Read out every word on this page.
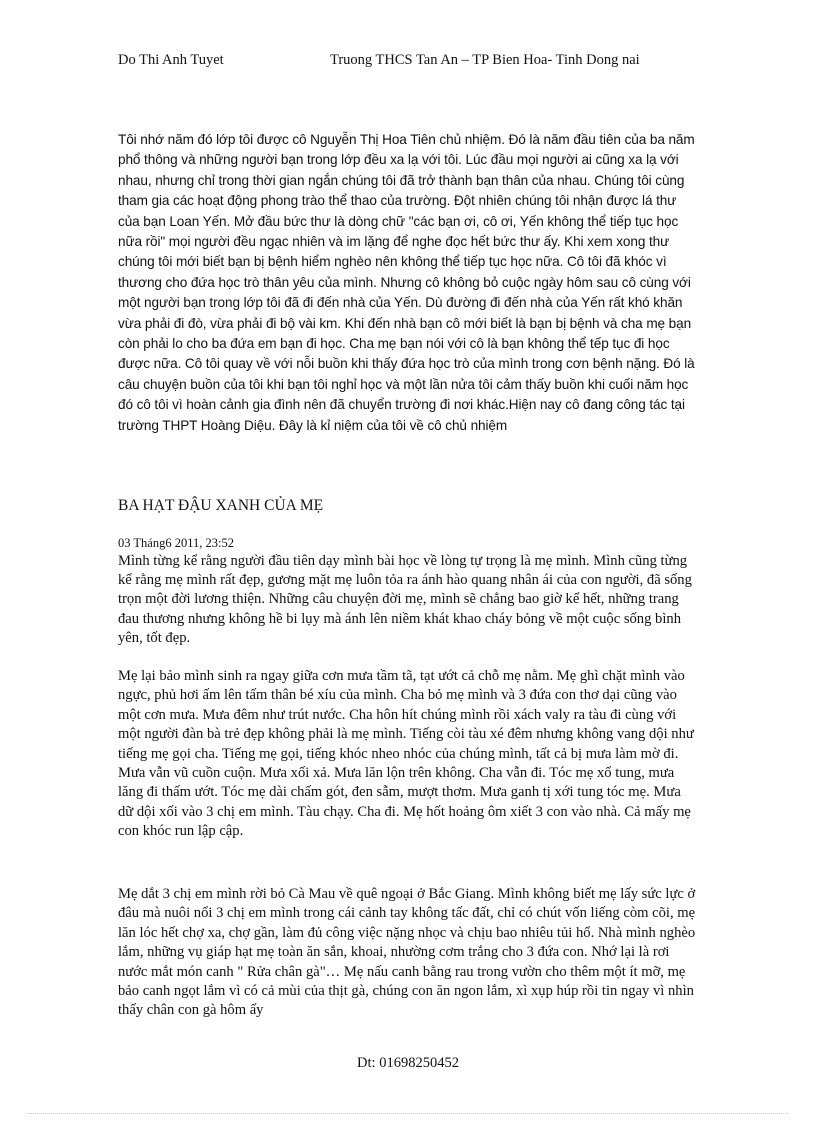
Do Thi Anh Tuyet	Truong THCS Tan An – TP Bien Hoa- Tinh Dong nai

Tôi nhớ năm đó lớp tôi được cô Nguyễn Thị Hoa Tiên chủ nhiệm. Đó là năm đầu tiên của ba năm phổ thông và những người bạn trong lớp đều xa lạ với tôi. Lúc đầu mọi người ai cũng xa lạ với nhau, nhưng chỉ trong thời gian ngắn chúng tôi đã trở thành bạn thân của nhau. Chúng tôi cùng tham gia các hoạt động phong trào thể thao của trường. Đột nhiên chúng tôi nhận được lá thư của bạn Loan Yến. Mở đầu bức thư là dòng chữ "các bạn ơi, cô ơi, Yến không thể tiếp tục học nữa rồi" mọi người đều ngạc nhiên và im lặng để nghe đọc hết bức thư ấy. Khi xem xong thư chúng tôi mới biết bạn bị bệnh hiểm nghèo nên không thể tiếp tục học nữa. Cô tôi đã khóc vì thương cho đứa học trò thân yêu của mình. Nhưng cô không bỏ cuộc ngày hôm sau cô cùng với một người bạn trong lớp tôi đã đi đến nhà của Yến. Dù đường đi đến nhà của Yến rất khó khăn vừa phải đi đò, vừa phải đi bộ vài km. Khi đến nhà bạn cô mới biết là bạn bị bệnh và cha mẹ bạn còn phải lo cho ba đứa em bạn đi học. Cha mẹ bạn nói với cô là bạn không thể tếp tục đi học được nữa. Cô tôi quay về với nỗi buồn khi thấy đứa học trò của mình trong cơn bệnh nặng. Đó là câu chuyện buồn của tôi khi bạn tôi nghỉ học và một lần nửa tôi cảm thấy buồn khi cuối năm học đó cô tôi vì hoàn cảnh gia đình nên đã chuyển trường đi nơi khác.Hiện nay cô đang công tác tại trường THPT Hoàng Diệu. Đây là kỉ niệm của tôi về cô chủ nhiệm

BA HẠT ĐẬU XANH CỦA MẸ
03 Tháng6 2011, 23:52

Mình từng kể rằng người đầu tiên dạy mình bài học về lòng tự trọng là mẹ mình. Mình cũng từng kể rằng mẹ mình rất đẹp, gương mặt mẹ luôn tỏa ra ánh hào quang nhân ái của con người, đã sống trọn một đời lương thiện. Những câu chuyện đời mẹ, mình sẽ chẳng bao giờ kể hết, những trang đau thương nhưng không hề bi lụy mà ánh lên niềm khát khao cháy bỏng về một cuộc sống bình yên, tốt đẹp.

Mẹ lại bảo mình sinh ra ngay giữa cơn mưa tầm tã, tạt ướt cả chỗ mẹ nằm. Mẹ ghì chặt mình vào ngực, phủ hơi ấm lên tấm thân bé xíu của mình. Cha bỏ mẹ mình và 3 đứa con thơ dại cũng vào một cơn mưa. Mưa đêm như trút nước. Cha hôn hít chúng mình rồi xách valy ra tàu đi cùng với một người đàn bà trẻ đẹp không phải là mẹ mình. Tiếng còi tàu xé đêm nhưng không vang dội như tiếng mẹ gọi cha. Tiếng mẹ gọi, tiếng khóc nheo nhóc của chúng mình, tất cả bị mưa làm mờ đi. Mưa vẫn vũ cuồn cuộn. Mưa xối xả. Mưa lăn lộn trên không. Cha vẫn đi. Tóc mẹ xổ tung, mưa lăng đi thấm ướt. Tóc mẹ dài chấm gót, đen sẫm, mượt thơm. Mưa ganh tị xới tung tóc mẹ. Mưa dữ dội xối vào 3 chị em mình. Tàu chạy. Cha đi. Mẹ hốt hoảng ôm xiết 3 con vào nhà. Cả mấy mẹ con khóc run lập cập.

Mẹ dắt 3 chị em mình rời bỏ Cà Mau về quê ngoại ở Bắc Giang. Mình không biết mẹ lấy sức lực ở đâu mà nuôi nổi 3 chị em mình trong cái cảnh tay không tấc đất, chỉ có chút vốn liếng còm cõi, mẹ lăn lóc hết chợ xa, chợ gần, làm đủ công việc nặng nhọc và chịu bao nhiêu tủi hổ. Nhà mình nghèo lắm, những vụ giáp hạt mẹ toàn ăn sắn, khoai, nhường cơm trắng cho 3 đứa con. Nhớ lại là rơi nước mắt món canh " Rửa chân gà"… Mẹ nấu canh bằng rau trong vườn cho thêm một ít mỡ, mẹ bảo canh ngọt lắm vì có cả mùi của thịt gà, chúng con ăn ngon lắm, xì xụp húp rồi tin ngay vì nhìn thấy chân con gà hôm ấy

Dt: 01698250452
